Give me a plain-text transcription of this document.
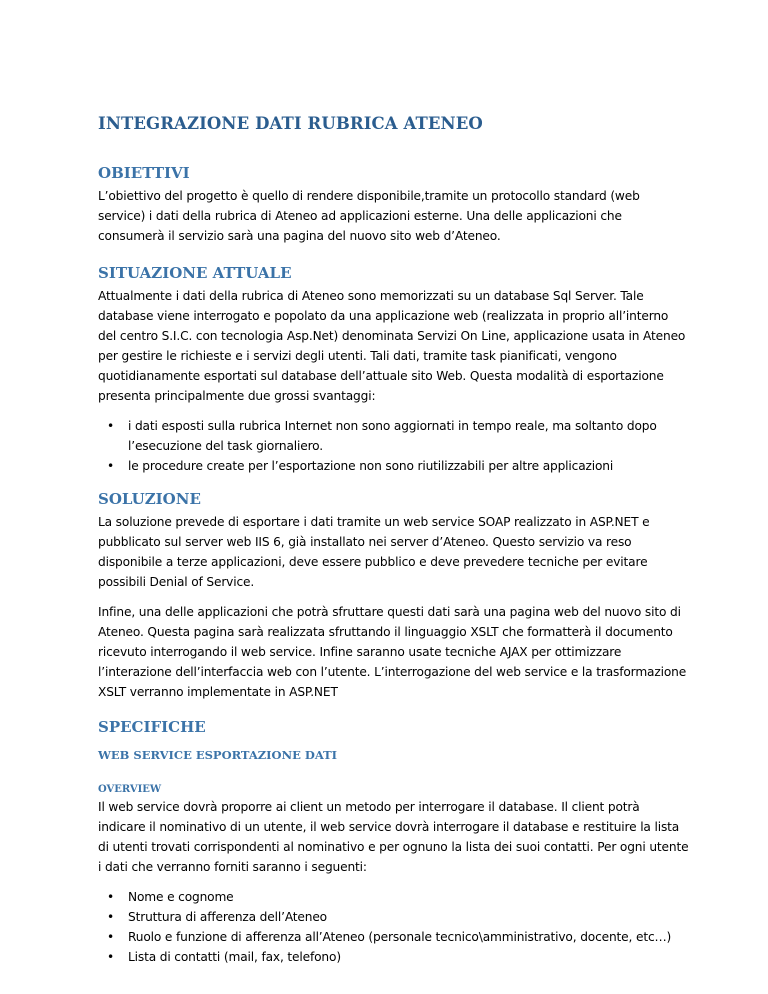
INTEGRAZIONE DATI RUBRICA ATENEO
OBIETTIVI

L’obiettivo del progetto è quello di rendere disponibile,tramite un protocollo standard (web service) i dati della rubrica di Ateneo ad applicazioni esterne. Una delle applicazioni che consumerà il servizio sarà una pagina del nuovo sito web d’Ateneo.

SITUAZIONE ATTUALE

Attualmente i dati della rubrica di Ateneo sono memorizzati su un database Sql Server. Tale database viene interrogato e popolato da una applicazione web (realizzata in proprio all’interno del centro S.I.C. con tecnologia Asp.Net) denominata Servizi On Line, applicazione usata in Ateneo per gestire le richieste e i servizi degli utenti. Tali dati, tramite task pianificati, vengono quotidianamente esportati sul database dell’attuale sito Web. Questa modalità di esportazione presenta principalmente due grossi svantaggi:

• i dati esposti sulla rubrica Internet non sono aggiornati in tempo reale, ma soltanto dopo l’esecuzione del task giornaliero.
• le procedure create per l’esportazione non sono riutilizzabili per altre applicazioni
SOLUZIONE

La soluzione prevede di esportare i dati tramite un web service SOAP realizzato in ASP.NET e pubblicato sul server web IIS 6, già installato nei server d’Ateneo. Questo servizio va reso disponibile a terze applicazioni, deve essere pubblico e deve prevedere tecniche per evitare possibili Denial of Service.

Infine, una delle applicazioni che potrà sfruttare questi dati sarà una pagina web del nuovo sito di Ateneo. Questa pagina sarà realizzata sfruttando il linguaggio XSLT che formatterà il documento ricevuto interrogando il web service. Infine saranno usate tecniche AJAX per ottimizzare l’interazione dell’interfaccia web con l’utente. L’interrogazione del web service e la trasformazione XSLT verranno implementate in ASP.NET

SPECIFICHE
WEB SERVICE ESPORTAZIONE DATI
OVERVIEW

Il web service dovrà proporre ai client un metodo per interrogare il database. Il client potrà indicare il nominativo di un utente, il web service dovrà interrogare il database e restituire la lista di utenti trovati corrispondenti al nominativo e per ognuno la lista dei suoi contatti. Per ogni utente i dati che verranno forniti saranno i seguenti:

• Nome e cognome
• Struttura di afferenza dell’Ateneo
• Ruolo e funzione di afferenza all’Ateneo (personale tecnico\amministrativo, docente, etc…)
• Lista di contatti (mail, fax, telefono)
